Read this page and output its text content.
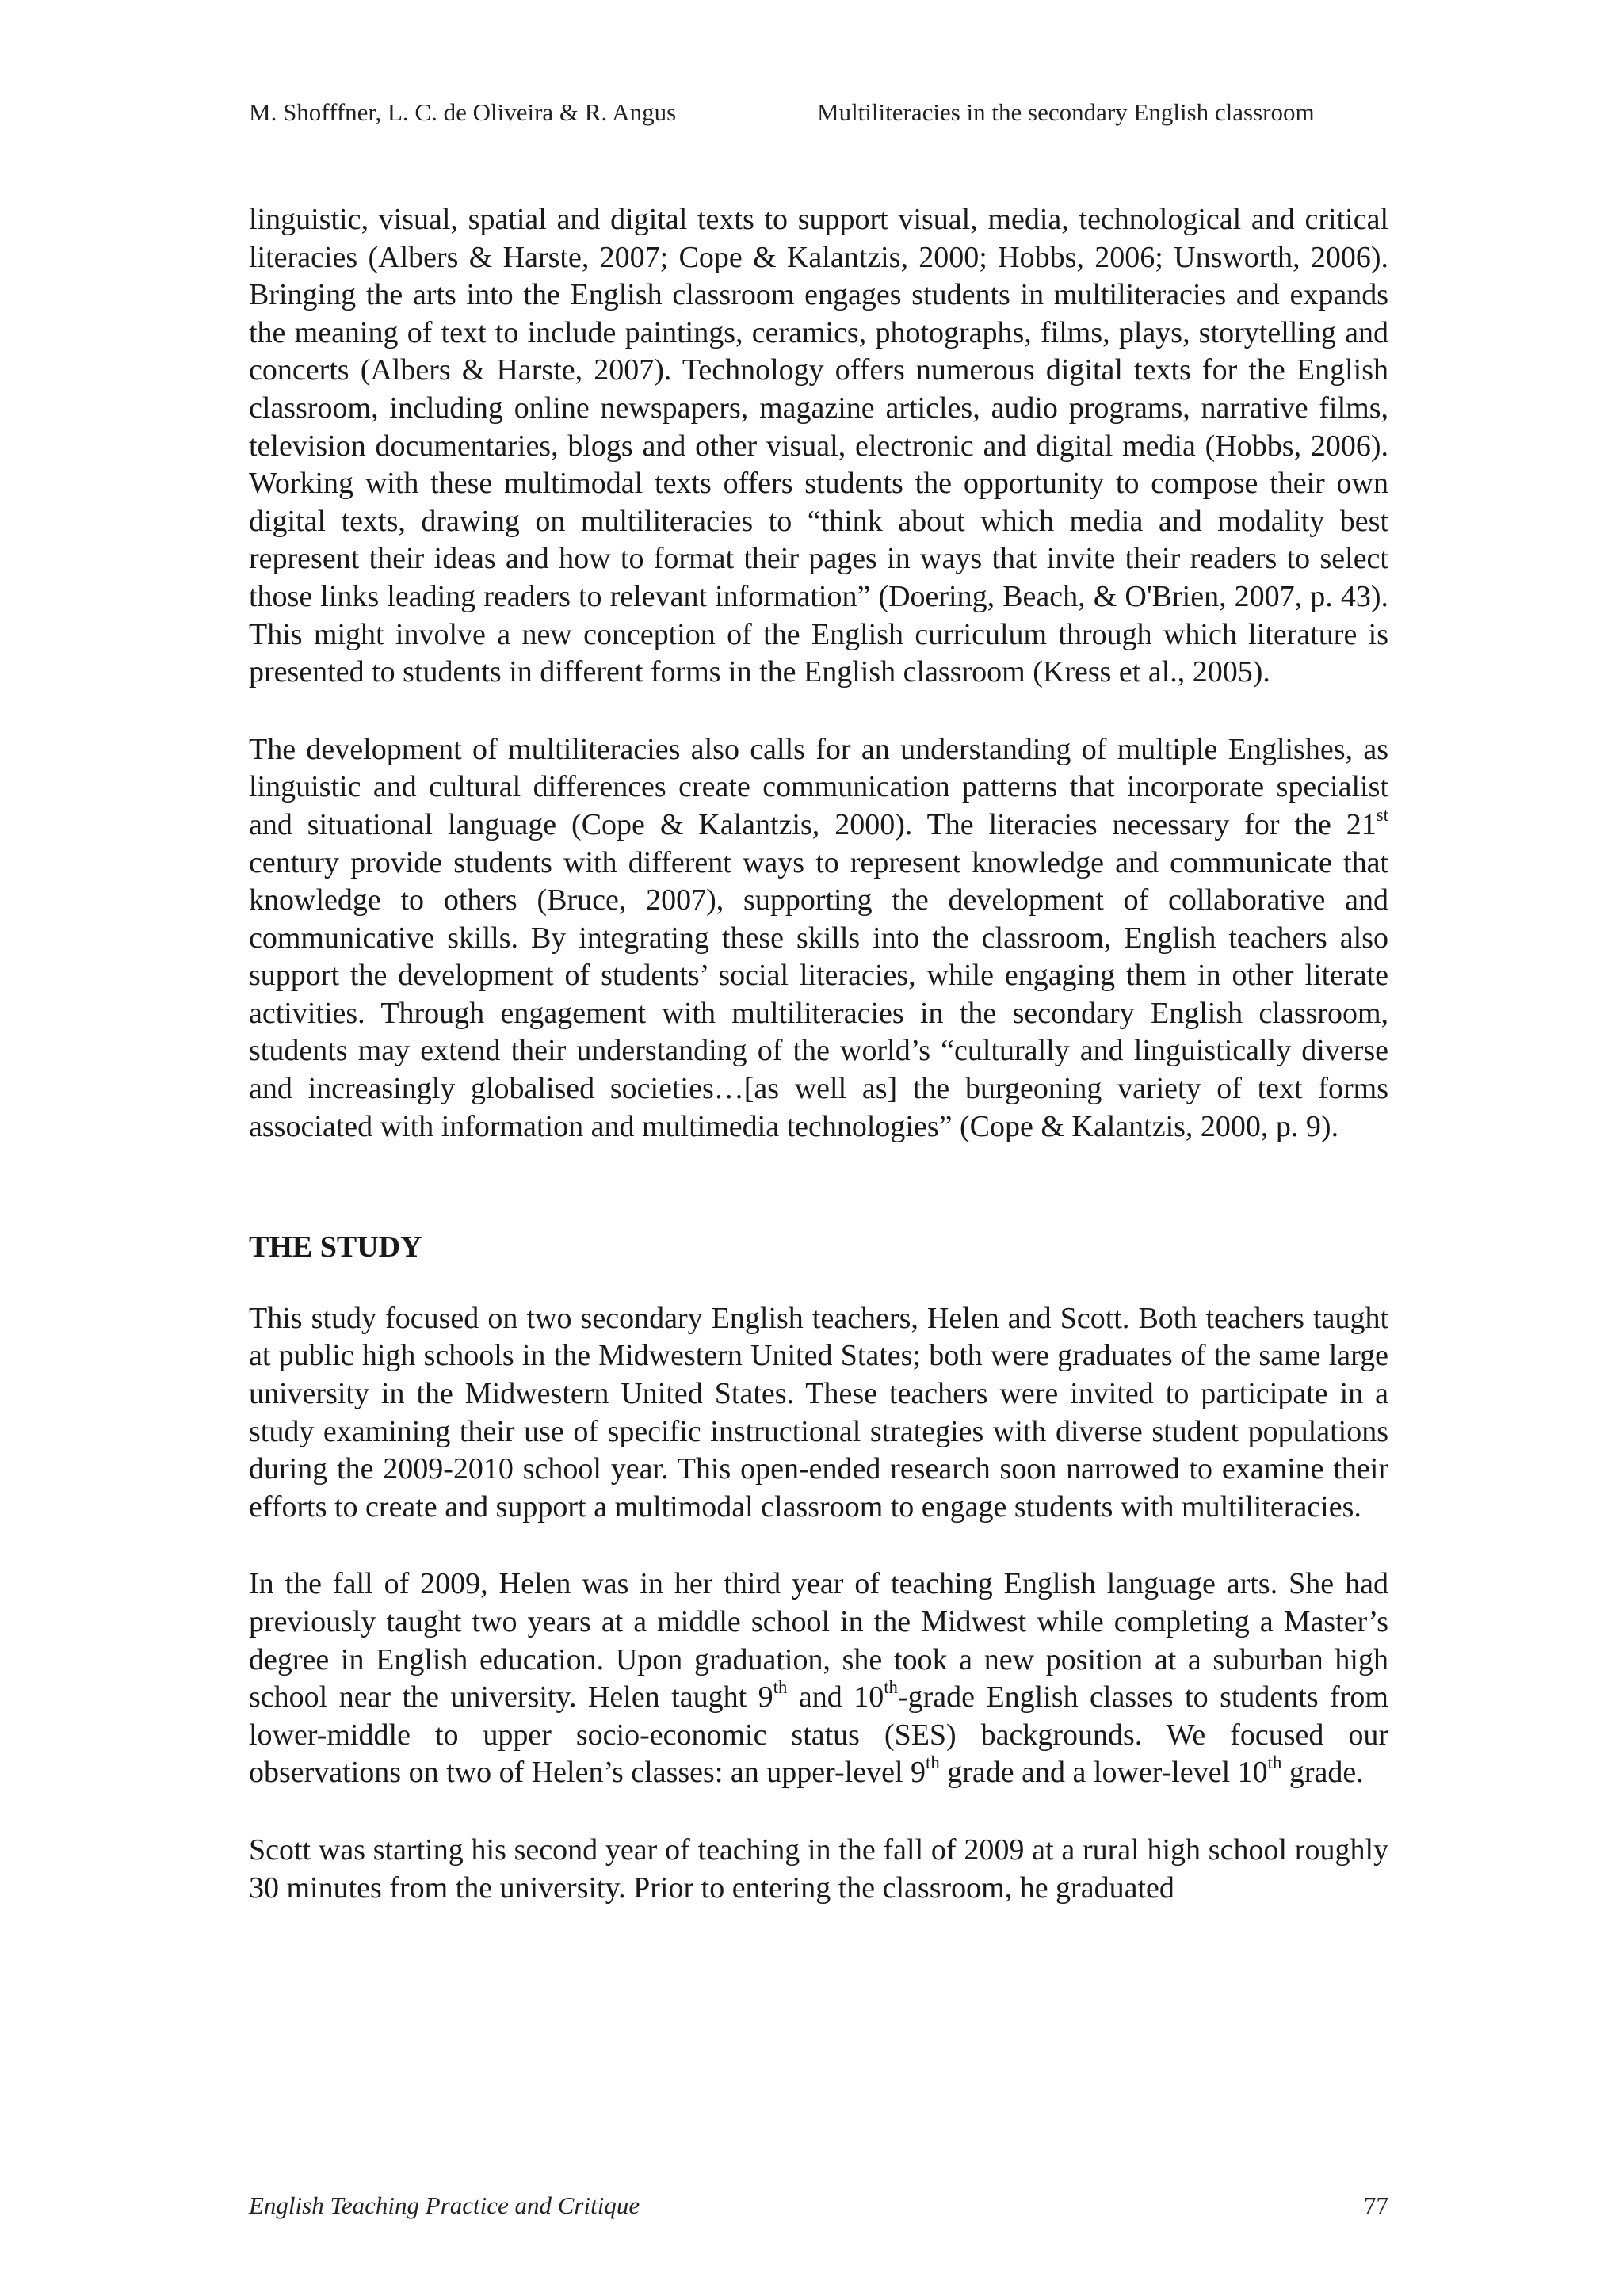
M. Shofffner, L. C. de Oliveira & R. Angus	Multiliteracies in the secondary English classroom

linguistic, visual, spatial and digital texts to support visual, media, technological and critical literacies (Albers & Harste, 2007; Cope & Kalantzis, 2000; Hobbs, 2006; Unsworth, 2006). Bringing the arts into the English classroom engages students in multiliteracies and expands the meaning of text to include paintings, ceramics, photographs, films, plays, storytelling and concerts (Albers & Harste, 2007). Technology offers numerous digital texts for the English classroom, including online newspapers, magazine articles, audio programs, narrative films, television documentaries, blogs and other visual, electronic and digital media (Hobbs, 2006). Working with these multimodal texts offers students the opportunity to compose their own digital texts, drawing on multiliteracies to “think about which media and modality best represent their ideas and how to format their pages in ways that invite their readers to select those links leading readers to relevant information” (Doering, Beach, & O'Brien, 2007, p. 43). This might involve a new conception of the English curriculum through which literature is presented to students in different forms in the English classroom (Kress et al., 2005).

The development of multiliteracies also calls for an understanding of multiple Englishes, as linguistic and cultural differences create communication patterns that incorporate specialist and situational language (Cope & Kalantzis, 2000). The literacies necessary for the 21st century provide students with different ways to represent knowledge and communicate that knowledge to others (Bruce, 2007), supporting the development of collaborative and communicative skills. By integrating these skills into the classroom, English teachers also support the development of students’ social literacies, while engaging them in other literate activities. Through engagement with multiliteracies in the secondary English classroom, students may extend their understanding of the world’s “culturally and linguistically diverse and increasingly globalised societies…[as well as] the burgeoning variety of text forms associated with information and multimedia technologies” (Cope & Kalantzis, 2000, p. 9).

THE STUDY

This study focused on two secondary English teachers, Helen and Scott. Both teachers taught at public high schools in the Midwestern United States; both were graduates of the same large university in the Midwestern United States. These teachers were invited to participate in a study examining their use of specific instructional strategies with diverse student populations during the 2009-2010 school year. This open-ended research soon narrowed to examine their efforts to create and support a multimodal classroom to engage students with multiliteracies.

In the fall of 2009, Helen was in her third year of teaching English language arts. She had previously taught two years at a middle school in the Midwest while completing a Master’s degree in English education. Upon graduation, she took a new position at a suburban high school near the university. Helen taught 9th and 10th-grade English classes to students from lower-middle to upper socio-economic status (SES) backgrounds. We focused our observations on two of Helen’s classes: an upper-level 9th grade and a lower-level 10th grade.

Scott was starting his second year of teaching in the fall of 2009 at a rural high school roughly 30 minutes from the university. Prior to entering the classroom, he graduated

English Teaching Practice and Critique	77
